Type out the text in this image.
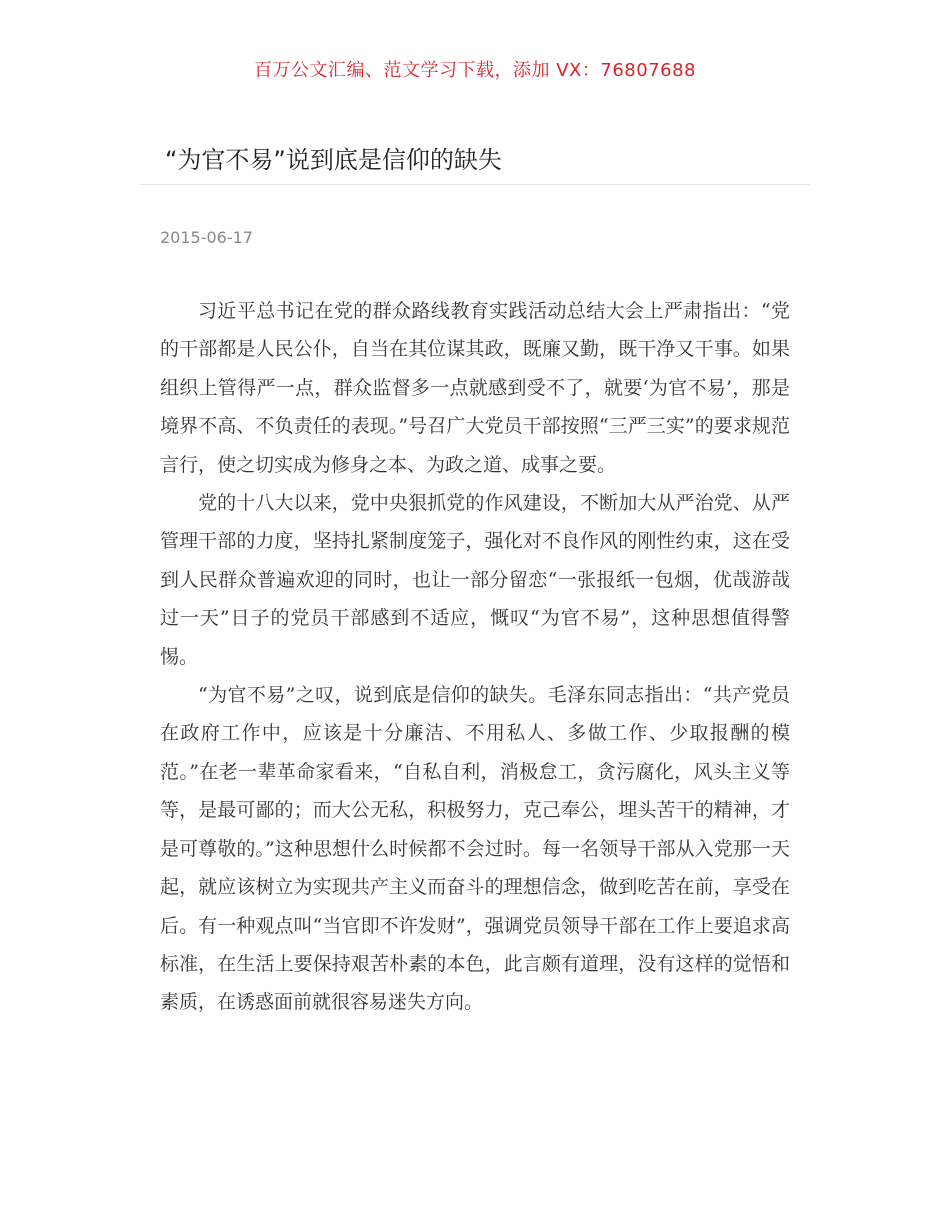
百万公文汇编、范文学习下载，添加 VX：76807688
“为官不易”说到底是信仰的缺失
2015-06-17

习近平总书记在党的群众路线教育实践活动总结大会上严肃指出：“党的干部都是人民公仆，自当在其位谋其政，既廉又勤，既干净又干事。如果组织上管得严一点，群众监督多一点就感到受不了，就要‘为官不易’，那是境界不高、不负责任的表现。”号召广大党员干部按照“三严三实”的要求规范言行，使之切实成为修身之本、为政之道、成事之要。

党的十八大以来，党中央狠抓党的作风建设，不断加大从严治党、从严管理干部的力度，坚持扎紧制度笼子，强化对不良作风的刚性约束，这在受到人民群众普遍欢迎的同时，也让一部分留恋“一张报纸一包烟，优哉游哉过一天”日子的党员干部感到不适应，慨叹“为官不易”，这种思想值得警惕。

“为官不易”之叹，说到底是信仰的缺失。毛泽东同志指出：“共产党员在政府工作中，应该是十分廉洁、不用私人、多做工作、少取报酬的模范。”在老一辈革命家看来，“自私自利，消极怠工，贪污腐化，风头主义等等，是最可鄙的；而大公无私，积极努力，克己奉公，埋头苦干的精神，才是可尊敬的。”这种思想什么时候都不会过时。每一名领导干部从入党那一天起，就应该树立为实现共产主义而奋斗的理想信念，做到吃苦在前，享受在后。有一种观点叫“当官即不许发财”，强调党员领导干部在工作上要追求高标准，在生活上要保持艰苦朴素的本色，此言颇有道理，没有这样的觉悟和素质，在诱惑面前就很容易迷失方向。
